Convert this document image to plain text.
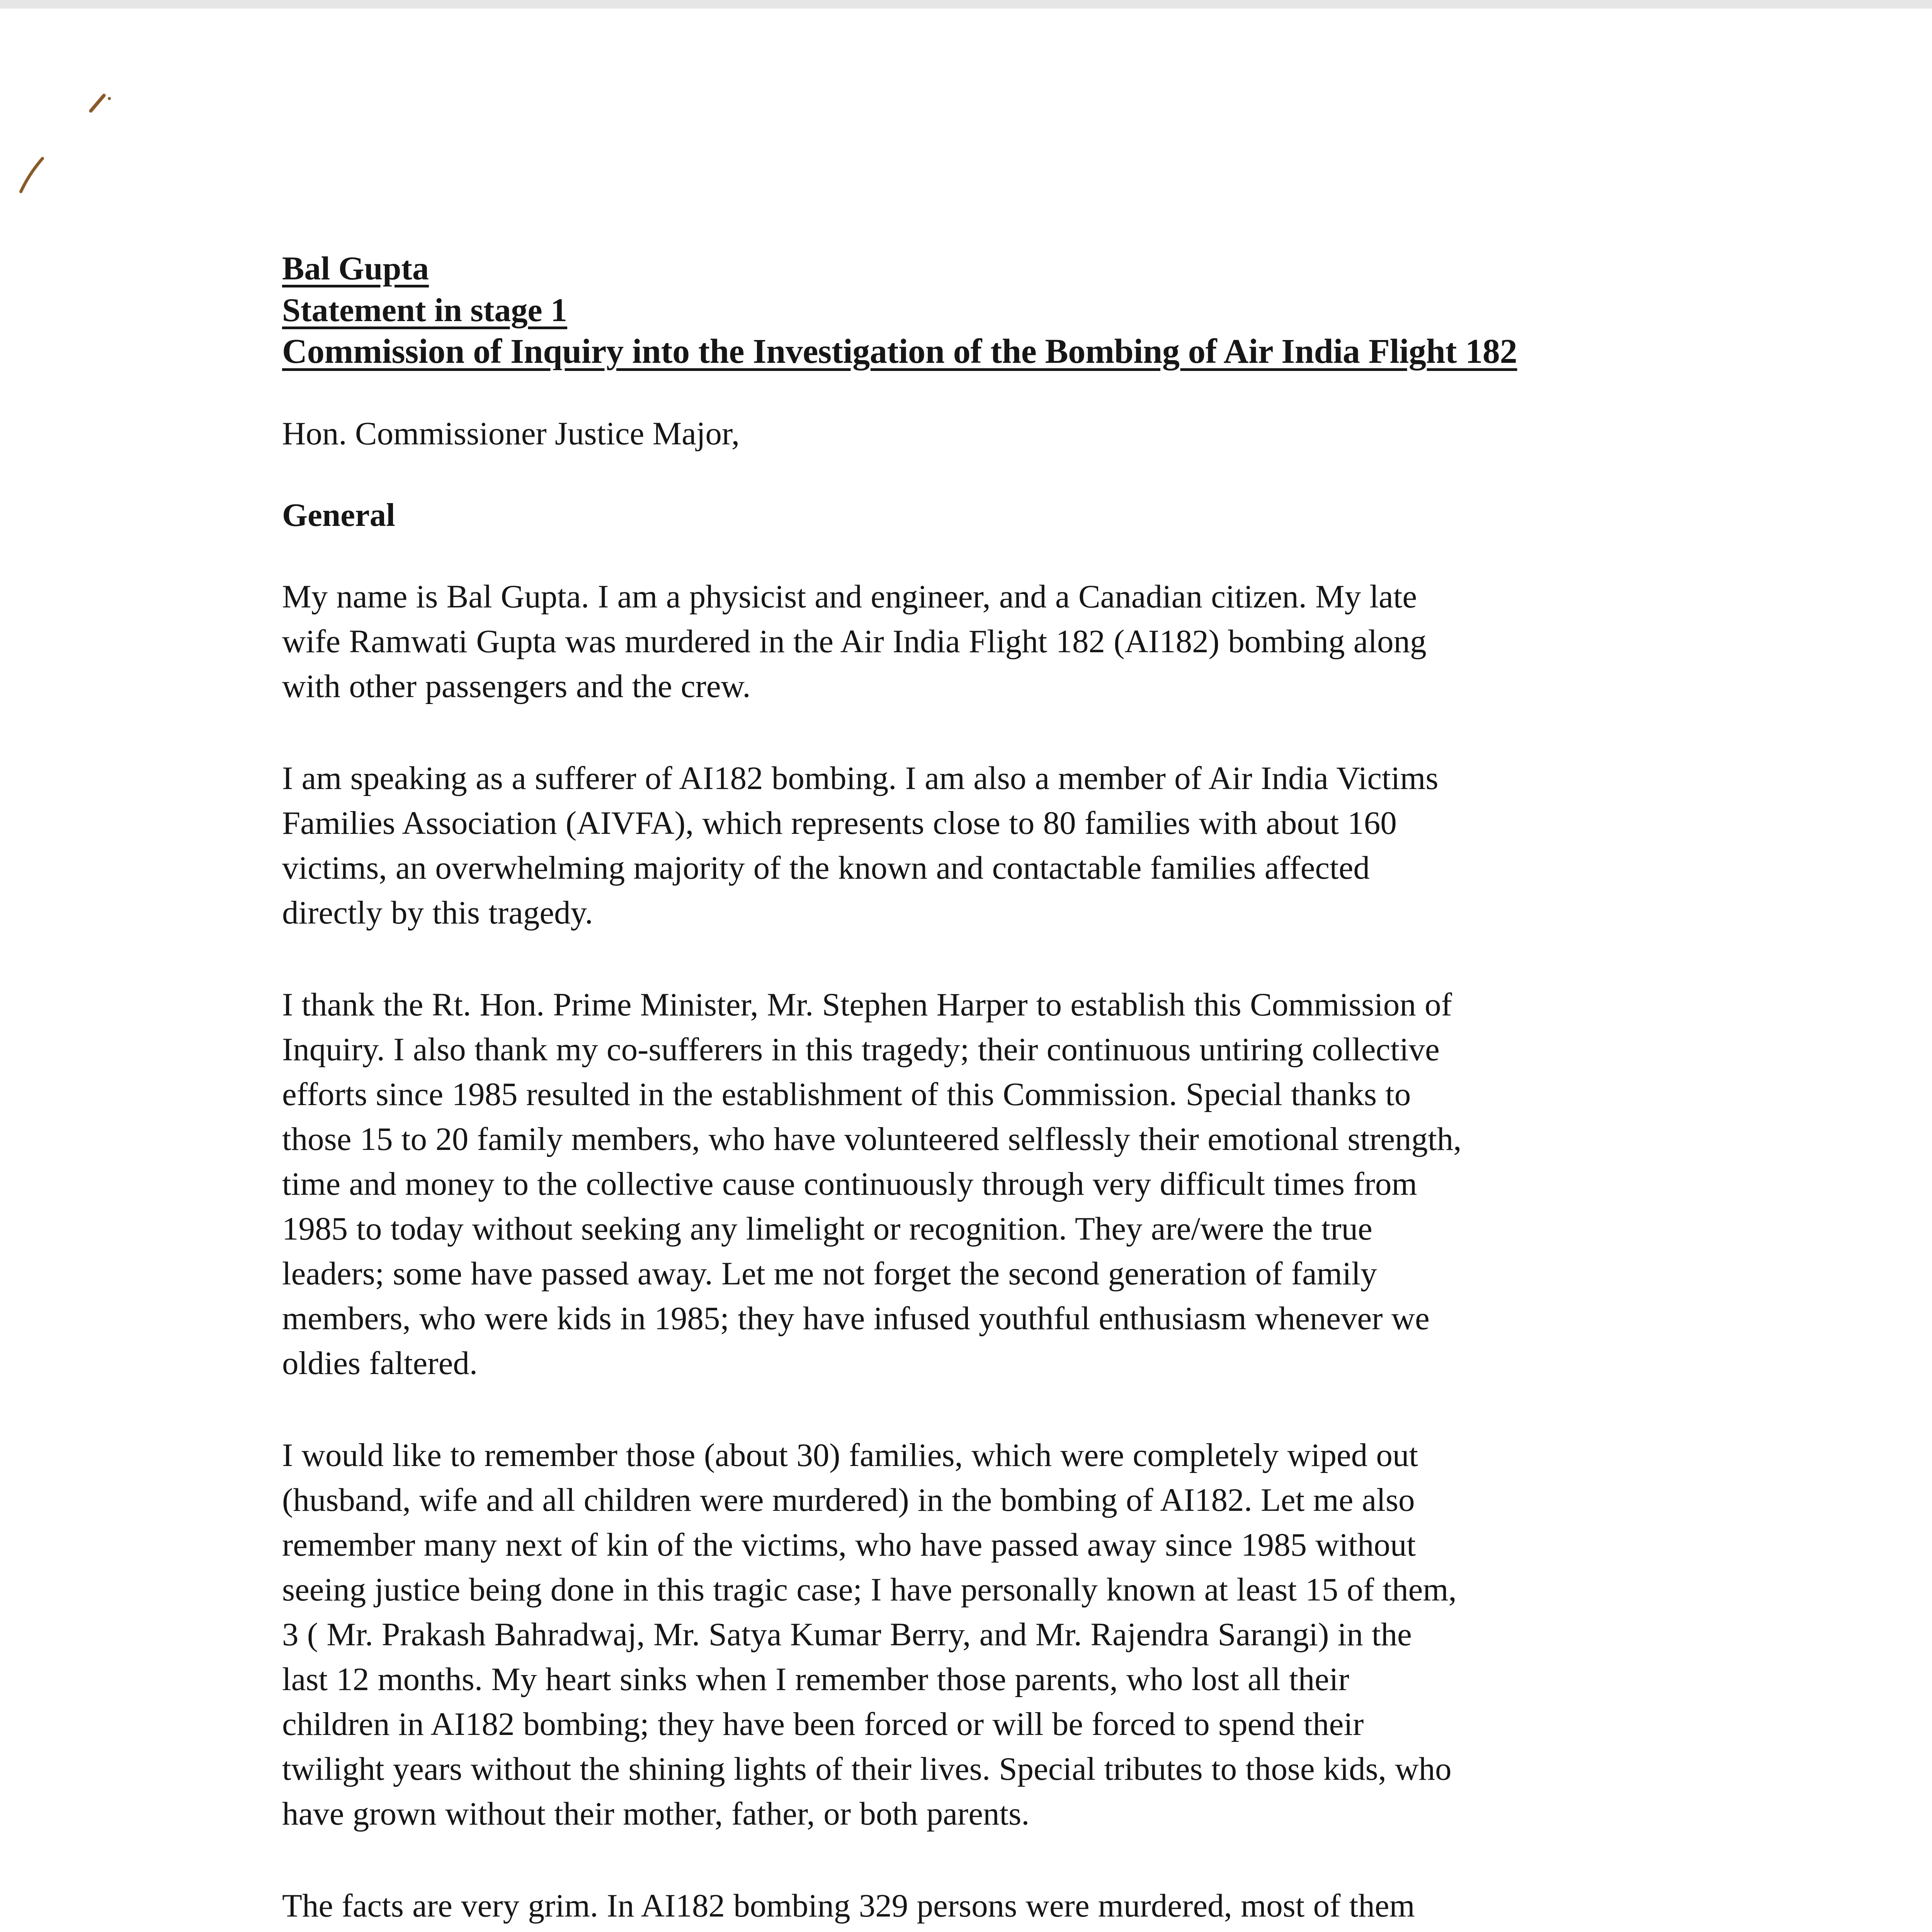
Bal Gupta

Statement in stage 1

Commission of Inquiry into the Investigation of the Bombing of Air India Flight 182

Hon. Commissioner Justice Major,

General

My name is Bal Gupta. I am a physicist and engineer, and a Canadian citizen. My late
wife Ramwati Gupta was murdered in the Air India Flight 182 (AI182) bombing along
with other passengers and the crew.
I am speaking as a sufferer of AI182 bombing. I am also a member of Air India Victims
Families Association (AIVFA), which represents close to 80 families with about 160
victims, an overwhelming majority of the known and contactable families affected
directly by this tragedy.
I thank the Rt. Hon. Prime Minister, Mr. Stephen Harper to establish this Commission of
Inquiry. I also thank my co-sufferers in this tragedy; their continuous untiring collective
efforts since 1985 resulted in the establishment of this Commission. Special thanks to
those 15 to 20 family members, who have volunteered selflessly their emotional strength,
time and money to the collective cause continuously through very difficult times from
1985 to today without seeking any limelight or recognition. They are/were the true
leaders; some have passed away. Let me not forget the second generation of family
members, who were kids in 1985; they have infused youthful enthusiasm whenever we
oldies faltered.
I would like to remember those (about 30) families, which were completely wiped out
(husband, wife and all children were murdered) in the bombing of AI182. Let me also
remember many next of kin of the victims, who have passed away since 1985 without
seeing justice being done in this tragic case; I have personally known at least 15 of them,
3 ( Mr. Prakash Bahradwaj, Mr. Satya Kumar Berry, and Mr. Rajendra Sarangi) in the
last 12 months. My heart sinks when I remember those parents, who lost all their
children in AI182 bombing; they have been forced or will be forced to spend their
twilight years without the shining lights of their lives. Special tributes to those kids, who
have grown without their mother, father, or both parents.
The facts are very grim. In AI182 bombing 329 persons were murdered, most of them
